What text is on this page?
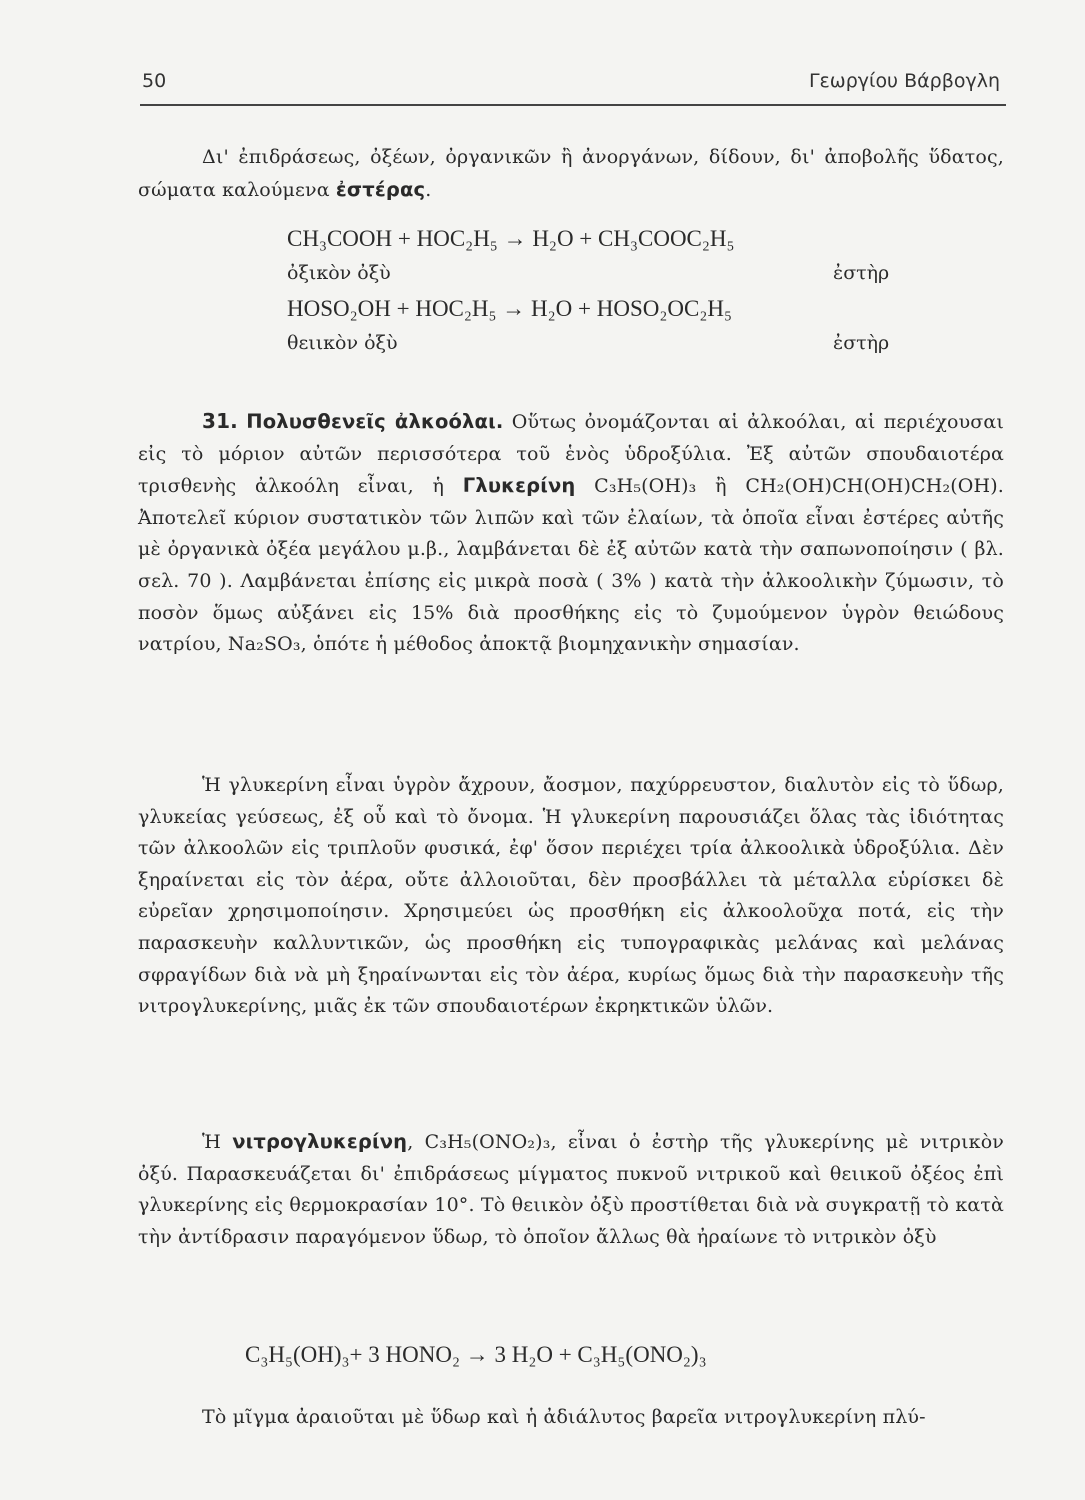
50	Γεωργίου Βάρβογλη

Δι' ἐπιδράσεως, ὀξέων, ὀργανικῶν ἢ ἀνοργάνων, δίδουν, δι' ἀποβολῆς ὕδατος, σώματα καλούμενα ἐστέρας.

CH₃COOH + HOC₂H₅ → H₂O + CH₃COOC₂H₅
ὀξικὸν ὀξὺ	ἐστὴρ
HOSO₂OH + HOC₂H₅ → H₂O + HOSO₂OC₂H₅
θειικὸν ὀξὺ	ἐστὴρ

31. Πολυσθενεῖς ἀλκοόλαι. Οὕτως ὀνομάζονται αἱ ἀλκοόλαι, αἱ περιέχουσαι εἰς τὸ μόριον αὐτῶν περισσότερα τοῦ ἑνὸς ὑδροξύλια. Ἐξ αὐτῶν σπουδαιοτέρα τρισθενὴς ἀλκοόλη εἶναι, ἡ Γλυκερίνη C₃H₅(OH)₃ ἢ CH₂(OH)CH(OH)CH₂(OH). Ἀποτελεῖ κύριον συστατικὸν τῶν λιπῶν καὶ τῶν ἐλαίων, τὰ ὁποῖα εἶναι ἐστέρες αὐτῆς μὲ ὀργανικὰ ὀξέα μεγάλου μ.β., λαμβάνεται δὲ ἐξ αὐτῶν κατὰ τὴν σαπωνοποίησιν ( βλ. σελ. 70 ). Λαμβάνεται ἐπίσης εἰς μικρὰ ποσὰ ( 3% ) κατὰ τὴν ἀλκοολικὴν ζύμωσιν, τὸ ποσὸν ὅμως αὐξάνει εἰς 15% διὰ προσθήκης εἰς τὸ ζυμούμενον ὑγρὸν θειώδους νατρίου, Na₂SO₃, ὁπότε ἡ μέθοδος ἀποκτᾷ βιομηχανικὴν σημασίαν.

Ἡ γλυκερίνη εἶναι ὑγρὸν ἄχρουν, ἄοσμον, παχύρρευστον, διαλυτὸν εἰς τὸ ὕδωρ, γλυκείας γεύσεως, ἐξ οὗ καὶ τὸ ὄνομα. Ἡ γλυκερίνη παρουσιάζει ὅλας τὰς ἰδιότητας τῶν ἀλκοολῶν εἰς τριπλοῦν φυσικά, ἐφ' ὅσον περιέχει τρία ἀλκοολικὰ ὑδροξύλια. Δὲν ξηραίνεται εἰς τὸν ἀέρα, οὔτε ἀλλοιοῦται, δὲν προσβάλλει τὰ μέταλλα εὑρίσκει δὲ εὐρεῖαν χρησιμοποίησιν. Χρησιμεύει ὡς προσθήκη εἰς ἀλκοολοῦχα ποτά, εἰς τὴν παρασκευὴν καλλυντικῶν, ὡς προσθήκη εἰς τυπογραφικὰς μελάνας καὶ μελάνας σφραγίδων διὰ νὰ μὴ ξηραίνωνται εἰς τὸν ἀέρα, κυρίως ὅμως διὰ τὴν παρασκευὴν τῆς νιτρογλυκερίνης, μιᾶς ἐκ τῶν σπουδαιοτέρων ἐκρηκτικῶν ὑλῶν.

Ἡ νιτρογλυκερίνη, C₃H₅(ONO₂)₃, εἶναι ὁ ἐστὴρ τῆς γλυκερίνης μὲ νιτρικὸν ὀξύ. Παρασκευάζεται δι' ἐπιδράσεως μίγματος πυκνοῦ νιτρικοῦ καὶ θειικοῦ ὀξέος ἐπὶ γλυκερίνης εἰς θερμοκρασίαν 10°. Τὸ θειικὸν ὀξὺ προστίθεται διὰ νὰ συγκρατῇ τὸ κατὰ τὴν ἀντίδρασιν παραγόμενον ὕδωρ, τὸ ὁποῖον ἄλλως θὰ ἠραίωνε τὸ νιτρικὸν ὀξὺ

C₃H₅(OH)₃+ 3 HONO₂ → 3 H₂O + C₃H₅(ONO₂)₃

Τὸ μῖγμα ἀραιοῦται μὲ ὕδωρ καὶ ἡ ἀδιάλυτος βαρεῖα νιτρογλυκερίνη πλύ-
